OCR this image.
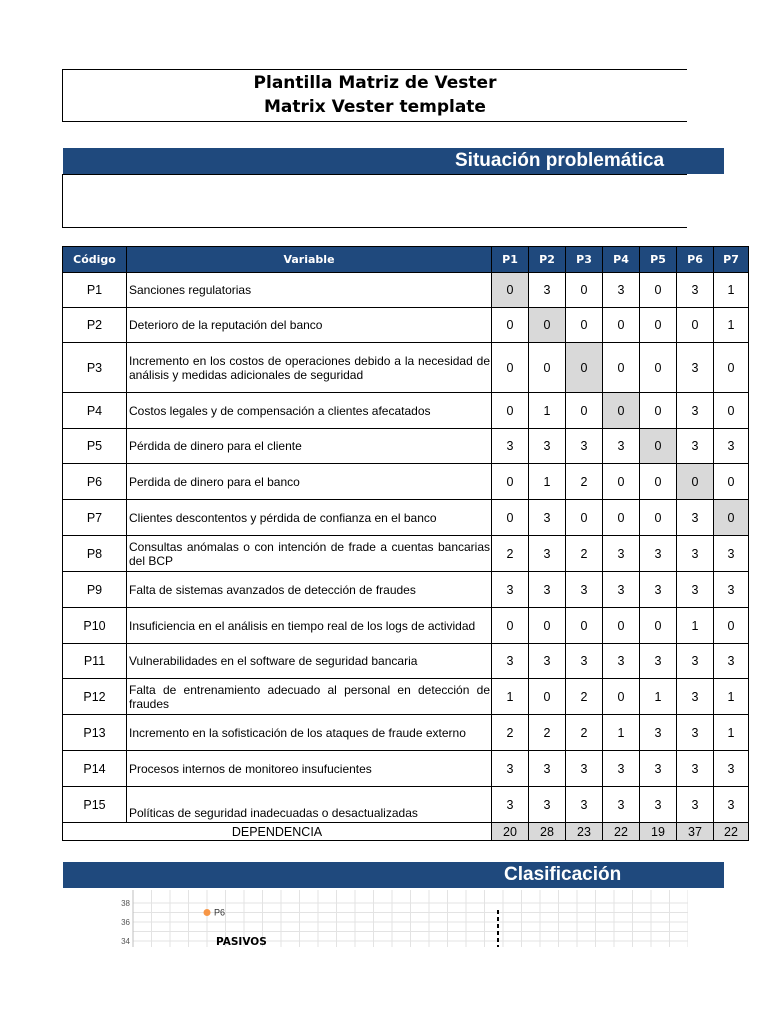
Plantilla Matriz de Vester
Matrix Vester template
Situación problemática
Código	Variable	P1	P2	P3	P4	P5	P6	P7
P1	Sanciones regulatorias	0	3	0	3	0	3	1
P2	Deterioro de la reputación del banco	0	0	0	0	0	0	1
P3	Incremento en los costos de operaciones debido a la necesidad de análisis y medidas adicionales de seguridad	0	0	0	0	0	3	0
P4	Costos legales y de compensación a clientes afecatados	0	1	0	0	0	3	0
P5	Pérdida de dinero para el cliente	3	3	3	3	0	3	3
P6	Perdida de dinero para el banco	0	1	2	0	0	0	0
P7	Clientes descontentos y pérdida de confianza en el banco	0	3	0	0	0	3	0
P8	Consultas anómalas o con intención de frade a cuentas bancarias del BCP	2	3	2	3	3	3	3
P9	Falta de sistemas avanzados de detección de fraudes	3	3	3	3	3	3	3
P10	Insuficiencia en el análisis en tiempo real de los logs de actividad	0	0	0	0	0	1	0
P11	Vulnerabilidades en el software de seguridad bancaria	3	3	3	3	3	3	3
P12	Falta de entrenamiento adecuado al personal en detección de fraudes	1	0	2	0	1	3	1
P13	Incremento en la sofisticación de los ataques de fraude externo	2	2	2	1	3	3	1
P14	Procesos internos de monitoreo insufucientes	3	3	3	3	3	3	3
P15	Políticas de seguridad inadecuadas o desactualizadas	3	3	3	3	3	3	3
DEPENDENCIA		20	28	23	22	19	37	22
Clasificación
38
36
34
P6
PASIVOS
